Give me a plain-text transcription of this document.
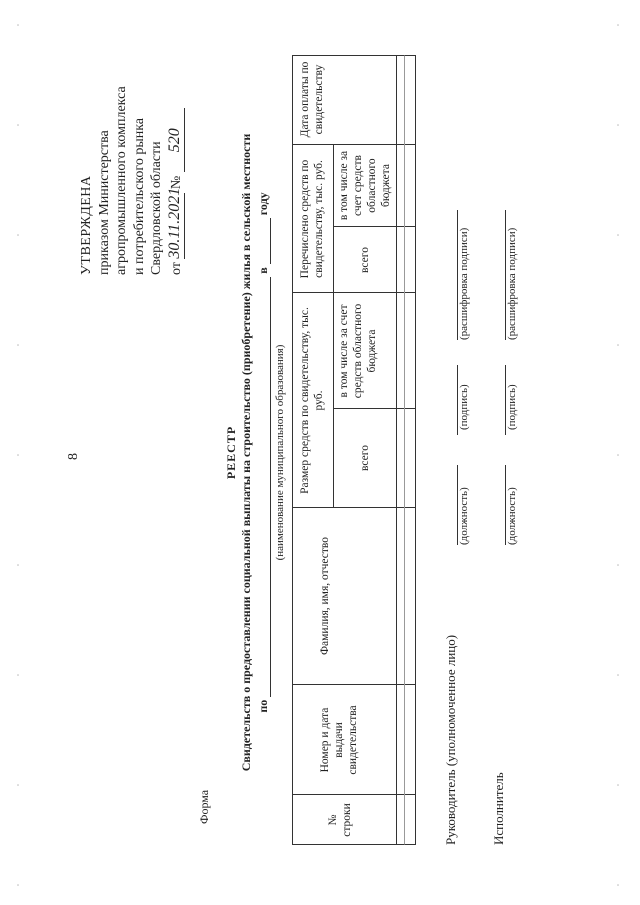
8
УТВЕРЖДЕНА приказом Министерства агропромышленного комплекса и потребительского рынка Свердловской области от 30.11.2021 № 520
Форма
РЕЕСТР Свидетельств о предоставлении социальной выплаты на строительство (приобретение) жилья в сельской местности по  в  году
(наименование муниципального образования)
№ строки
Номер и дата выдачи свидетельства
Фамилия, имя, отчество
Размер средств по свидетельству, тыс. руб.
всего
в том числе за счет средств областного бюджета
Перечислено средств по свидетельству, тыс. руб.	всего
в том числе за счет средств областного бюджета
Дата оплаты по свидетельству
Руководитель (уполномоченное лицо)
(должность)
(подпись)
(расшифровка подписи)
Исполнитель
(должность)
(подпись)
(расшифровка подписи)
